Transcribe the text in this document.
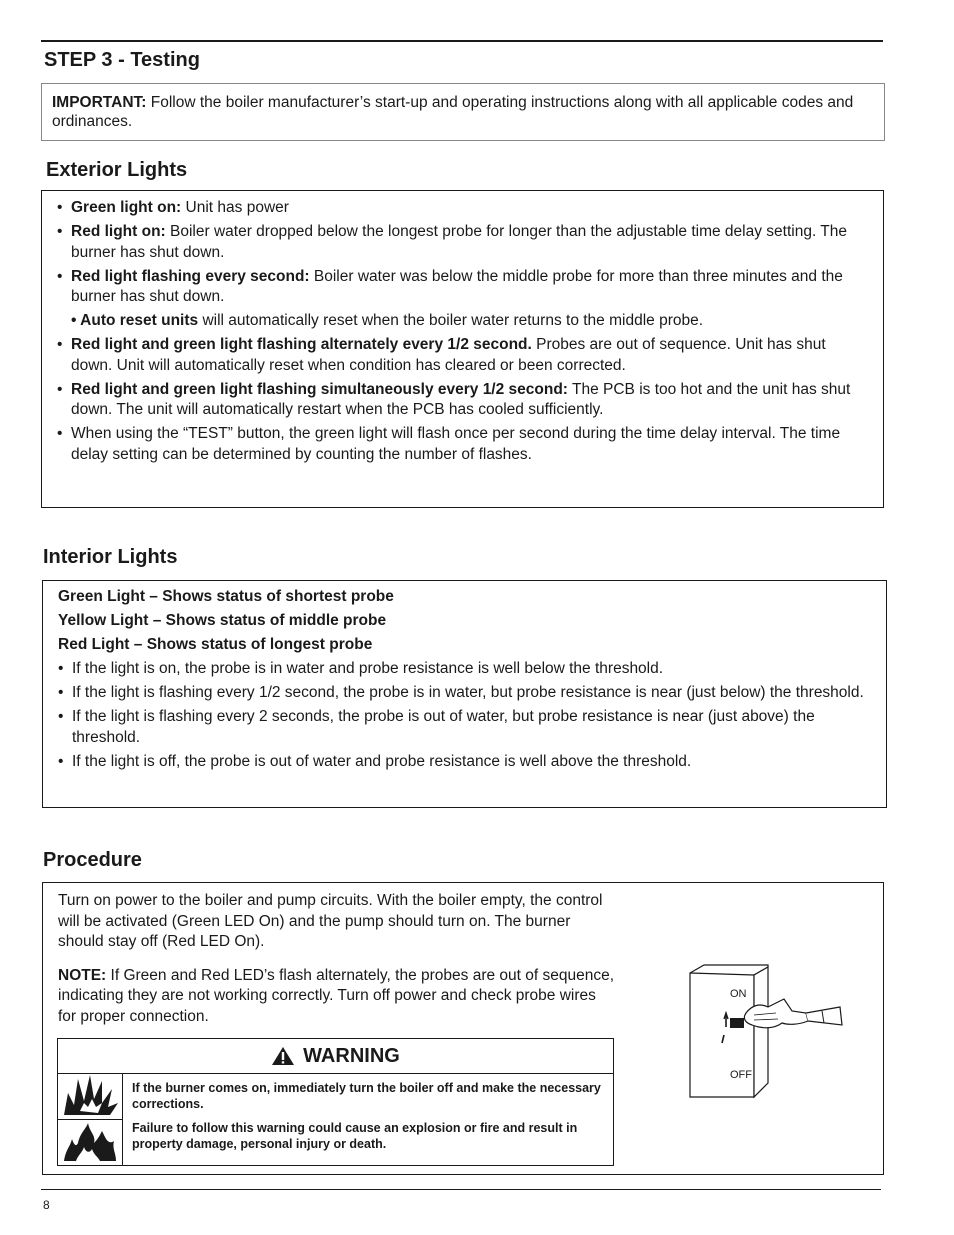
STEP 3 - Testing
IMPORTANT: Follow the boiler manufacturer’s start-up and operating instructions along with all applicable codes and ordinances.
Exterior Lights
• Green light on: Unit has power
• Red light on: Boiler water dropped below the longest probe for longer than the adjustable time delay setting. The burner has shut down.
• Red light flashing every second: Boiler water was below the middle probe for more than three minutes and the burner has shut down.
• Auto reset units will automatically reset when the boiler water returns to the middle probe.
• Red light and green light flashing alternately every 1/2 second. Probes are out of sequence. Unit has shut down. Unit will automatically reset when condition has cleared or been corrected.
• Red light and green light flashing simultaneously every 1/2 second: The PCB is too hot and the unit has shut down. The unit will automatically restart when the PCB has cooled sufficiently.
• When using the “TEST” button, the green light will flash once per second during the time delay interval. The time delay setting can be determined by counting the number of flashes.
Interior Lights
Green Light – Shows status of shortest probe
Yellow Light – Shows status of middle probe
Red Light – Shows status of longest probe
• If the light is on, the probe is in water and probe resistance is well below the threshold.
• If the light is flashing every 1/2 second, the probe is in water, but probe resistance is near (just below) the threshold.
• If the light is flashing every 2 seconds, the probe is out of water, but probe resistance is near (just above) the threshold.
• If the light is off, the probe is out of water and probe resistance is well above the threshold.
Procedure

Turn on power to the boiler and pump circuits. With the boiler empty, the control will be activated (Green LED On) and the pump should turn on. The burner should stay off (Red LED On).

NOTE: If Green and Red LED’s flash alternately, the probes are out of sequence, indicating they are not working correctly. Turn off power and check probe wires for proper connection.

WARNING

If the burner comes on, immediately turn the boiler off and make the necessary corrections.

Failure to follow this warning could cause an explosion or fire and result in property damage, personal injury or death.

OFF
ON
8
